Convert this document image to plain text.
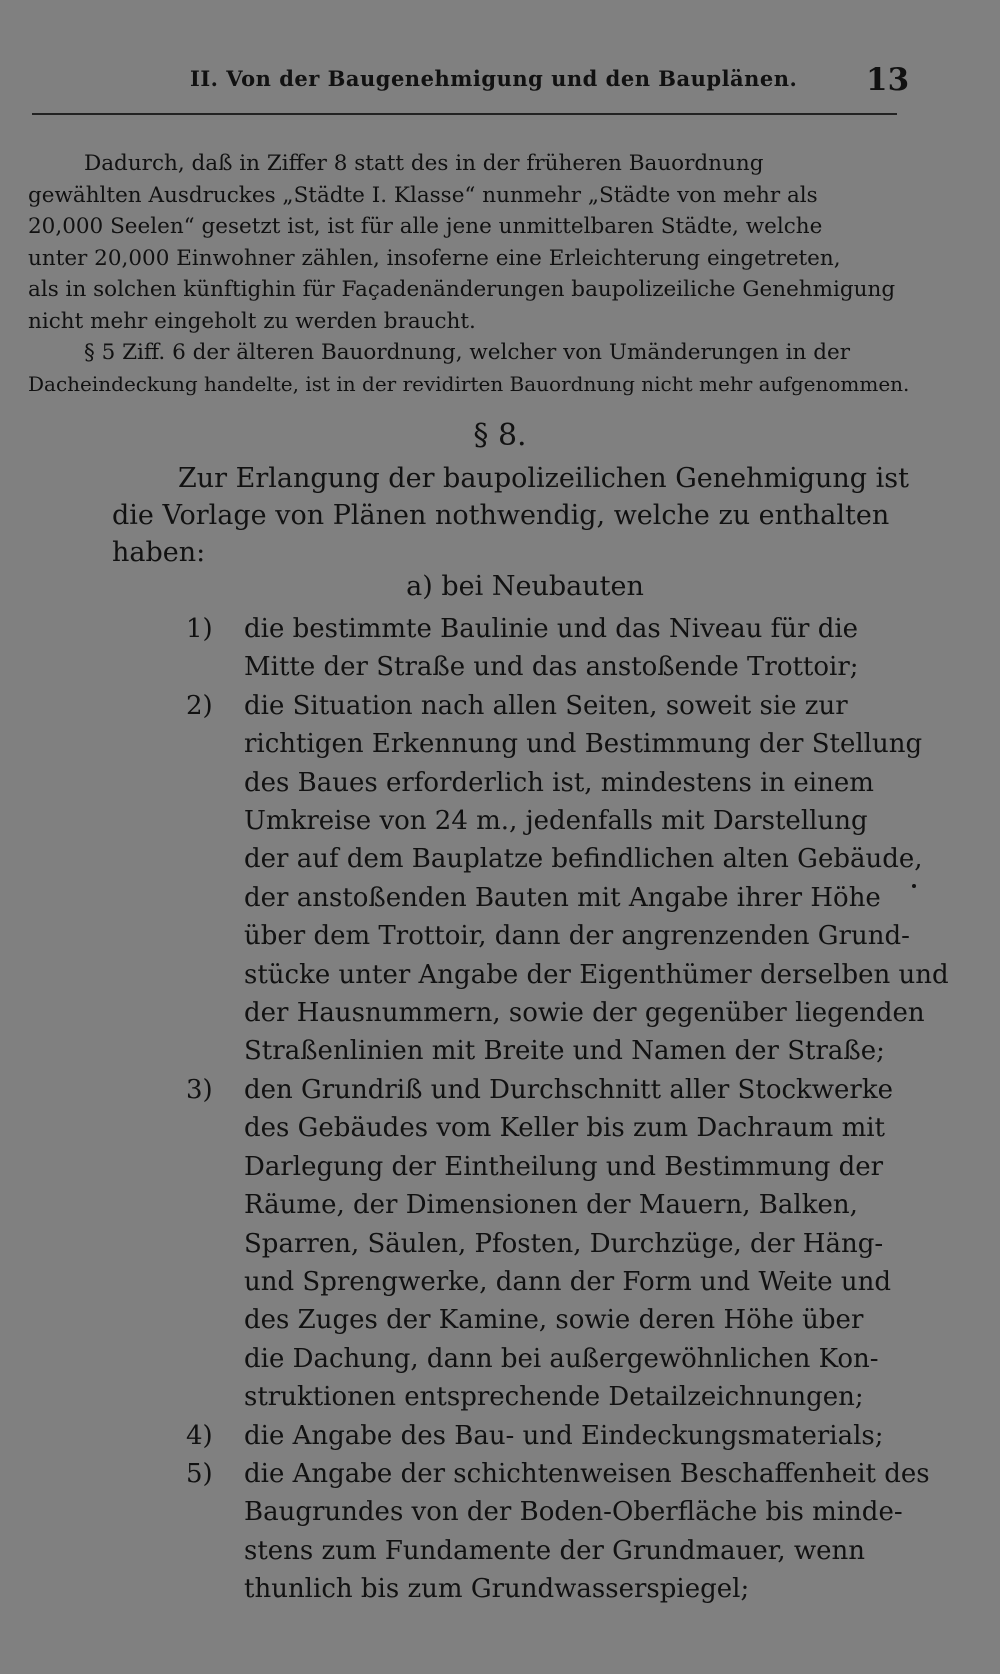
II. Von der Baugenehmigung und den Bauplänen. 13

Dadurch, daß in Ziffer 8 statt des in der früheren Bauordnung
gewählten Ausdruckes „Städte I. Klasse“ nunmehr „Städte von mehr als
20,000 Seelen“ gesetzt ist, ist für alle jene unmittelbaren Städte, welche
unter 20,000 Einwohner zählen, insoferne eine Erleichterung eingetreten,
als in solchen künftighin für Façadenänderungen baupolizeiliche Genehmigung
nicht mehr eingeholt zu werden braucht.

§ 5 Ziff. 6 der älteren Bauordnung, welcher von Umänderungen in der
Dacheindeckung handelte, ist in der revidirten Bauordnung nicht mehr aufgenommen.

§ 8.
Zur Erlangung der baupolizeilichen Genehmigung ist
die Vorlage von Plänen nothwendig, welche zu enthalten
haben:
a) bei Neubauten
1) die bestimmte Baulinie und das Niveau für die
Mitte der Straße und das anstoßende Trottoir;
2) die Situation nach allen Seiten, soweit sie zur
richtigen Erkennung und Bestimmung der Stellung
des Baues erforderlich ist, mindestens in einem
Umkreise von 24 m., jedenfalls mit Darstellung
der auf dem Bauplatze befindlichen alten Gebäude,
der anstoßenden Bauten mit Angabe ihrer Höhe
über dem Trottoir, dann der angrenzenden Grund-
stücke unter Angabe der Eigenthümer derselben und
der Hausnummern, sowie der gegenüber liegenden
Straßenlinien mit Breite und Namen der Straße;
3) den Grundriß und Durchschnitt aller Stockwerke
des Gebäudes vom Keller bis zum Dachraum mit
Darlegung der Eintheilung und Bestimmung der
Räume, der Dimensionen der Mauern, Balken,
Sparren, Säulen, Pfosten, Durchzüge, der Häng-
und Sprengwerke, dann der Form und Weite und
des Zuges der Kamine, sowie deren Höhe über
die Dachung, dann bei außergewöhnlichen Kon-
struktionen entsprechende Detailzeichnungen;
4) die Angabe des Bau- und Eindeckungsmaterials;
5) die Angabe der schichtenweisen Beschaffenheit des
Baugrundes von der Boden-Oberfläche bis minde-
stens zum Fundamente der Grundmauer, wenn
thunlich bis zum Grundwasserspiegel;
